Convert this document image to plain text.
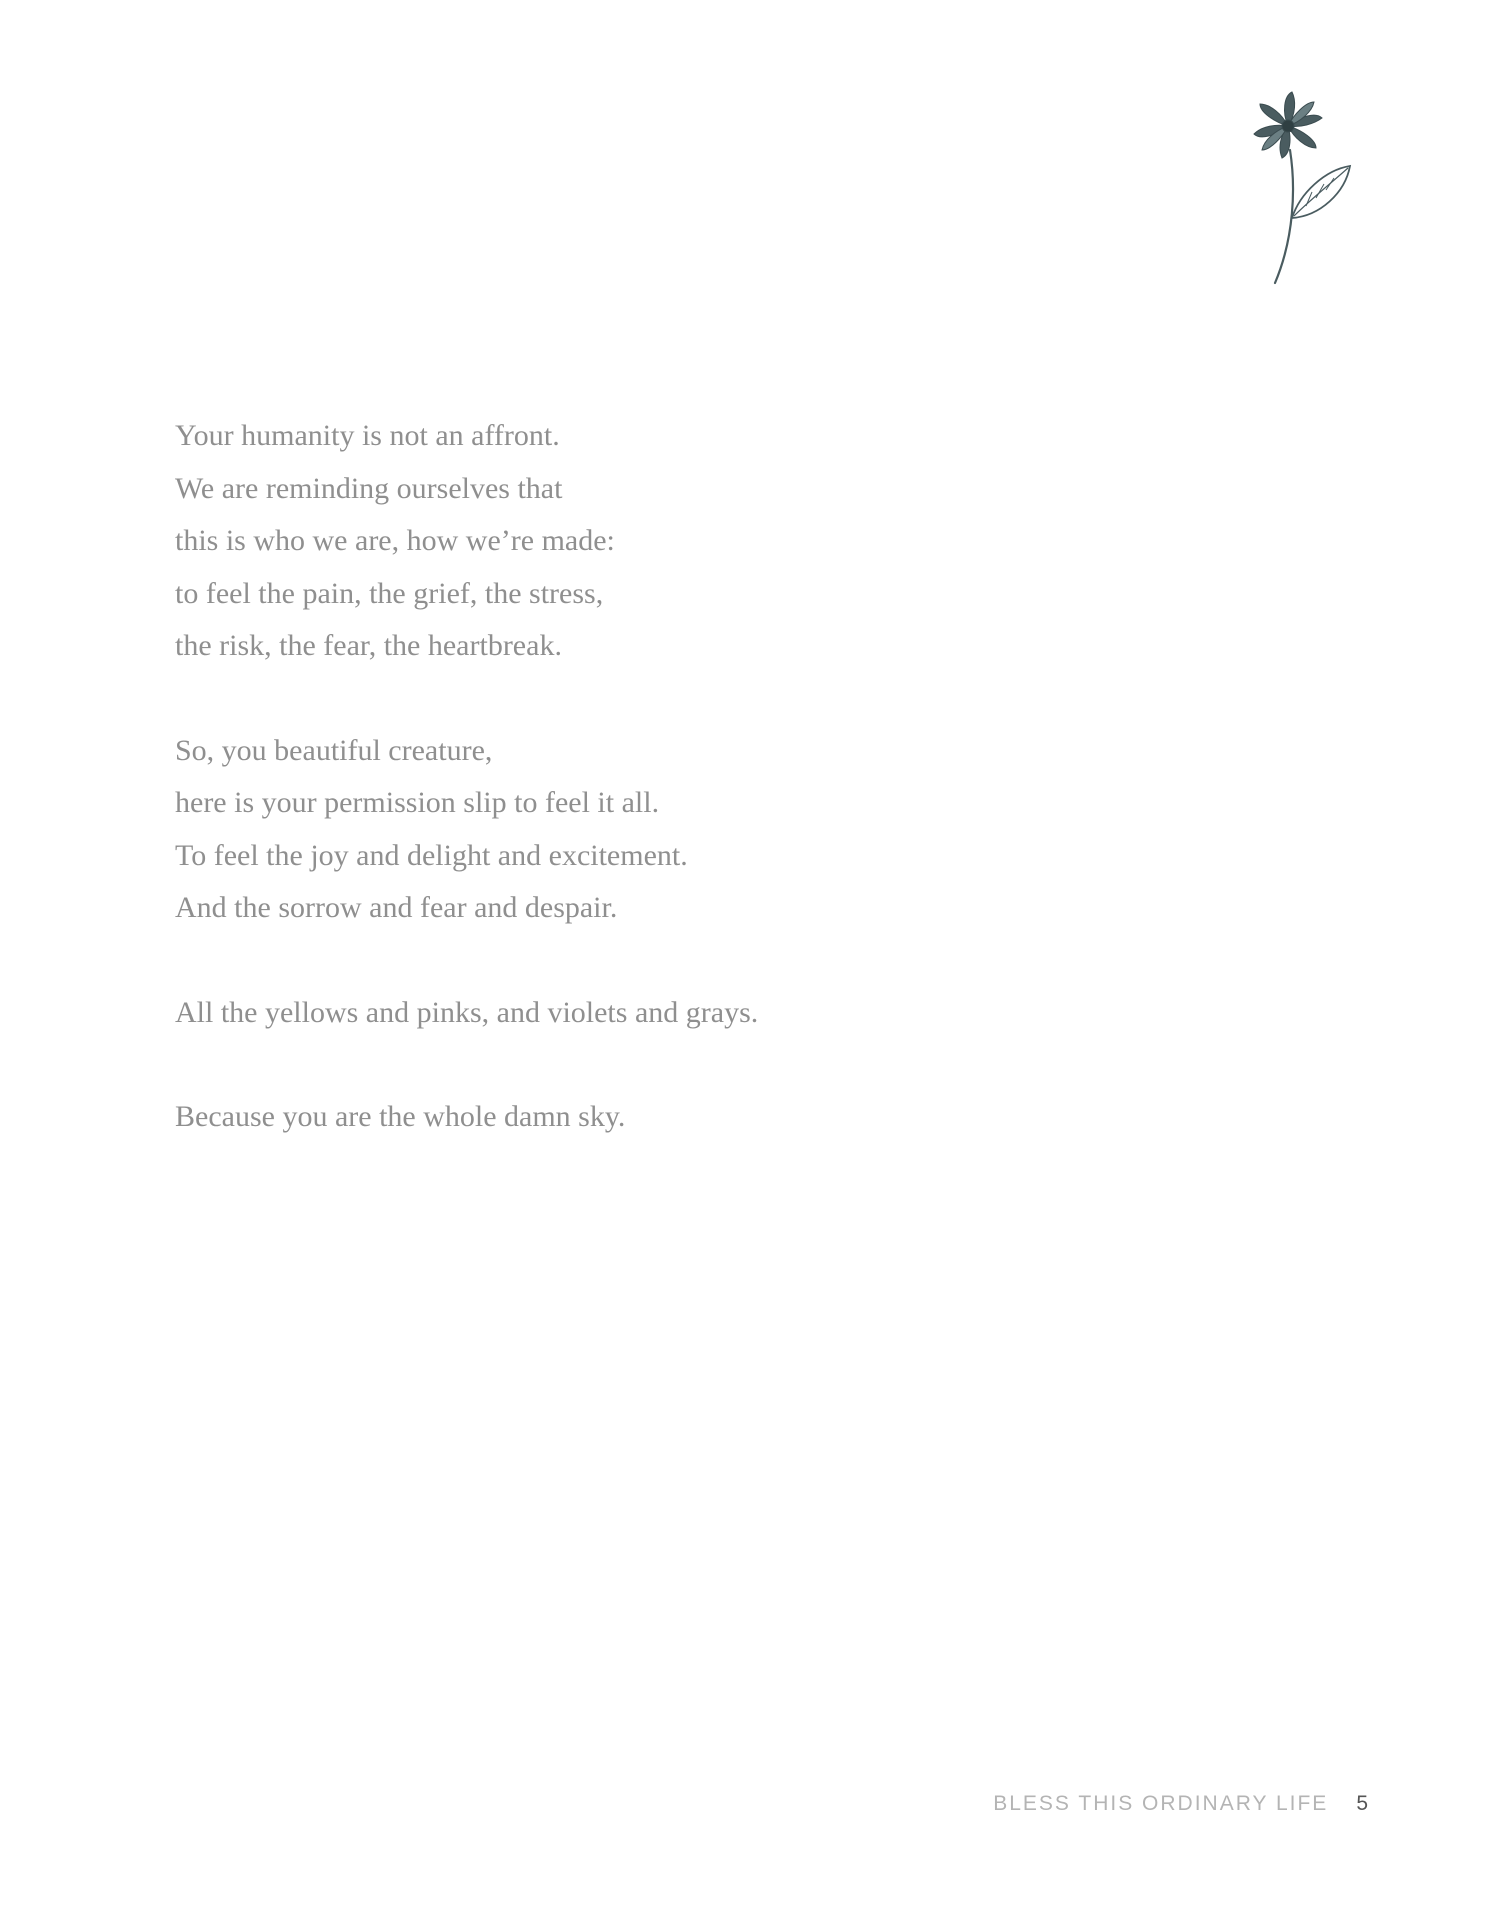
Your humanity is not an affront.
We are reminding ourselves that
this is who we are, how we’re made:
to feel the pain, the grief, the stress,
the risk, the fear, the heartbreak.
So, you beautiful creature,
here is your permission slip to feel it all.
To feel the joy and delight and excitement.
And the sorrow and fear and despair.
All the yellows and pinks, and violets and grays.
Because you are the whole damn sky.
BLESS THIS ORDINARY LIFE 5
